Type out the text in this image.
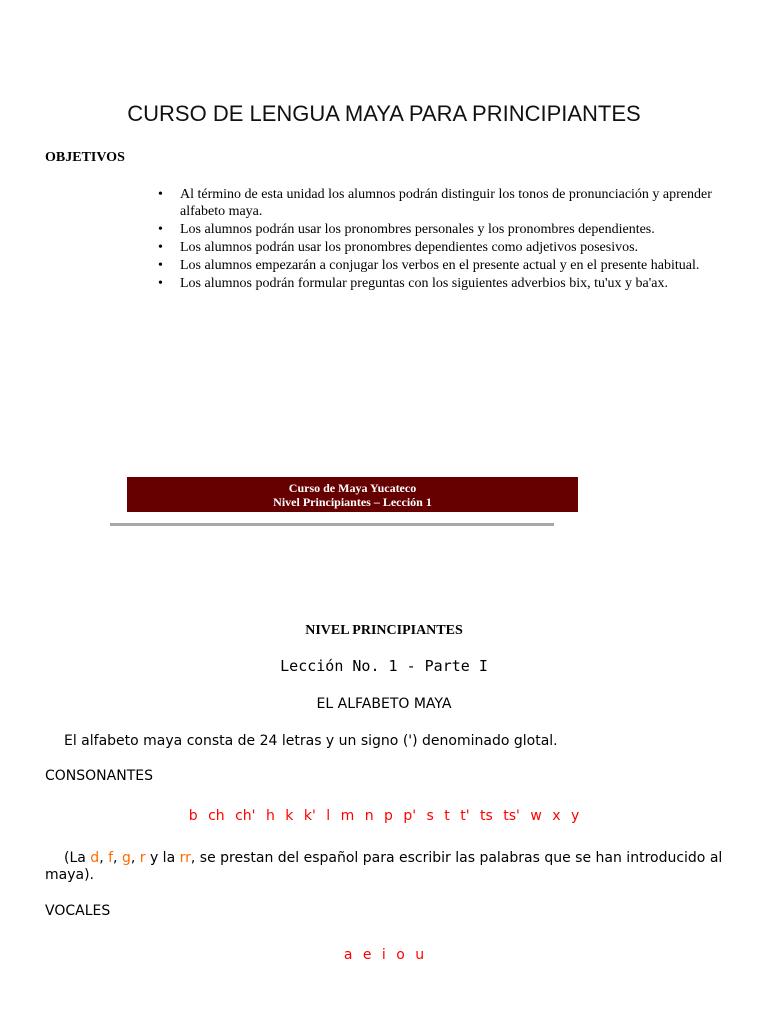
CURSO DE LENGUA MAYA PARA PRINCIPIANTES
OBJETIVOS
• Al término de esta unidad los alumnos podrán distinguir los tonos de pronunciación y aprender alfabeto maya.
• Los alumnos podrán usar los pronombres personales y los pronombres dependientes.
• Los alumnos podrán usar los pronombres dependientes como adjetivos posesivos.
• Los alumnos empezarán a conjugar los verbos en el presente actual y en el presente habitual.
• Los alumnos podrán formular preguntas con los siguientes adverbios bix, tu'ux y ba'ax.
Curso de Maya Yucateco
Nivel Principiantes – Lección 1
NIVEL PRINCIPIANTES
Lección No. 1 - Parte I
EL ALFABETO MAYA
El alfabeto maya consta de 24 letras y un signo (') denominado glotal.
CONSONANTES
b ch ch' h k k' l m n p p' s t t' ts ts' w x y
(La d, f, g, r y la rr, se prestan del español para escribir las palabras que se han introducido al maya).
VOCALES
a e i o u
